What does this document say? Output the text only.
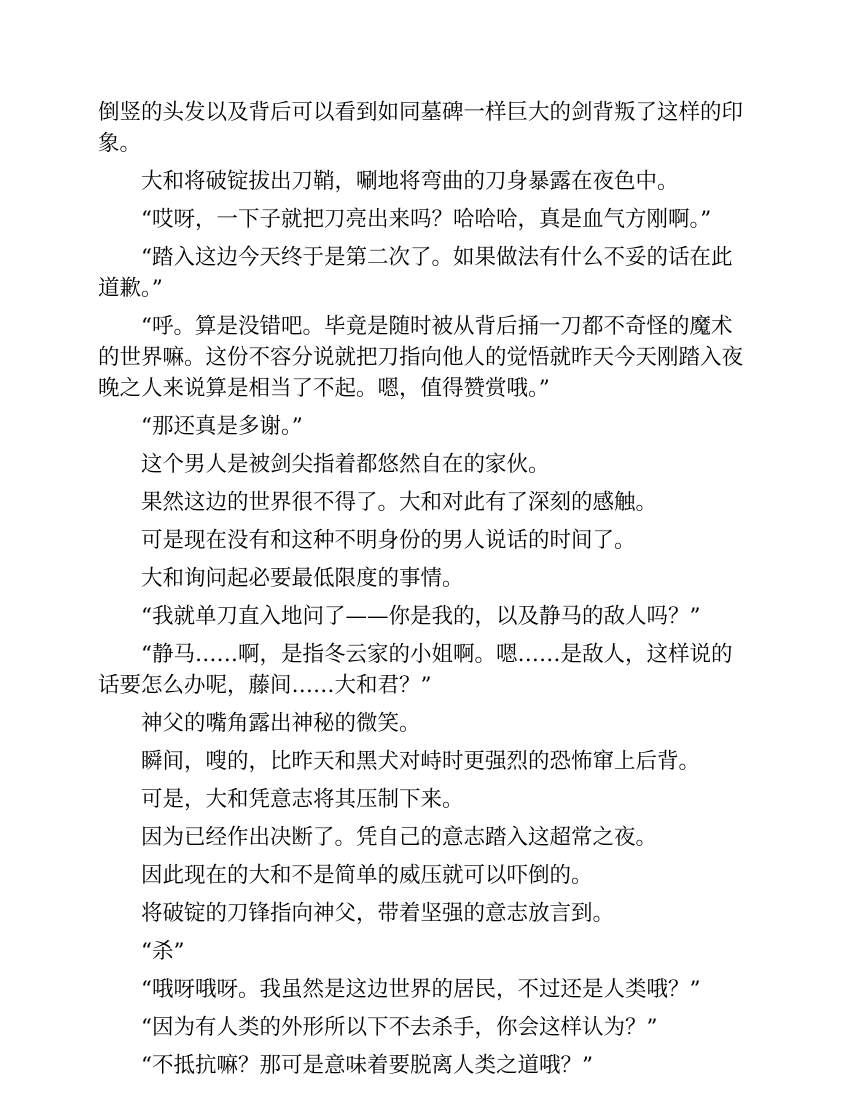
倒竖的头发以及背后可以看到如同墓碑一样巨大的剑背叛了这样的印象。

大和将破锭拔出刀鞘，唰地将弯曲的刀身暴露在夜色中。

“哎呀，一下子就把刀亮出来吗？哈哈哈，真是血气方刚啊。”

“踏入这边今天终于是第二次了。如果做法有什么不妥的话在此道歉。”

“呼。算是没错吧。毕竟是随时被从背后捅一刀都不奇怪的魔术的世界嘛。这份不容分说就把刀指向他人的觉悟就昨天今天刚踏入夜晚之人来说算是相当了不起。嗯，值得赞赏哦。”

“那还真是多谢。”

这个男人是被剑尖指着都悠然自在的家伙。

果然这边的世界很不得了。大和对此有了深刻的感触。

可是现在没有和这种不明身份的男人说话的时间了。

大和询问起必要最低限度的事情。

“我就单刀直入地问了——你是我的，以及静马的敌人吗？”

“静马……啊，是指冬云家的小姐啊。嗯……是敌人，这样说的话要怎么办呢，藤间……大和君？”

神父的嘴角露出神秘的微笑。

瞬间，嗖的，比昨天和黑犬对峙时更强烈的恐怖窜上后背。

可是，大和凭意志将其压制下来。

因为已经作出决断了。凭自己的意志踏入这超常之夜。

因此现在的大和不是简单的威压就可以吓倒的。

将破锭的刀锋指向神父，带着坚强的意志放言到。

“杀”

“哦呀哦呀。我虽然是这边世界的居民，不过还是人类哦？”

“因为有人类的外形所以下不去杀手，你会这样认为？”

“不抵抗嘛？那可是意味着要脱离人类之道哦？”
